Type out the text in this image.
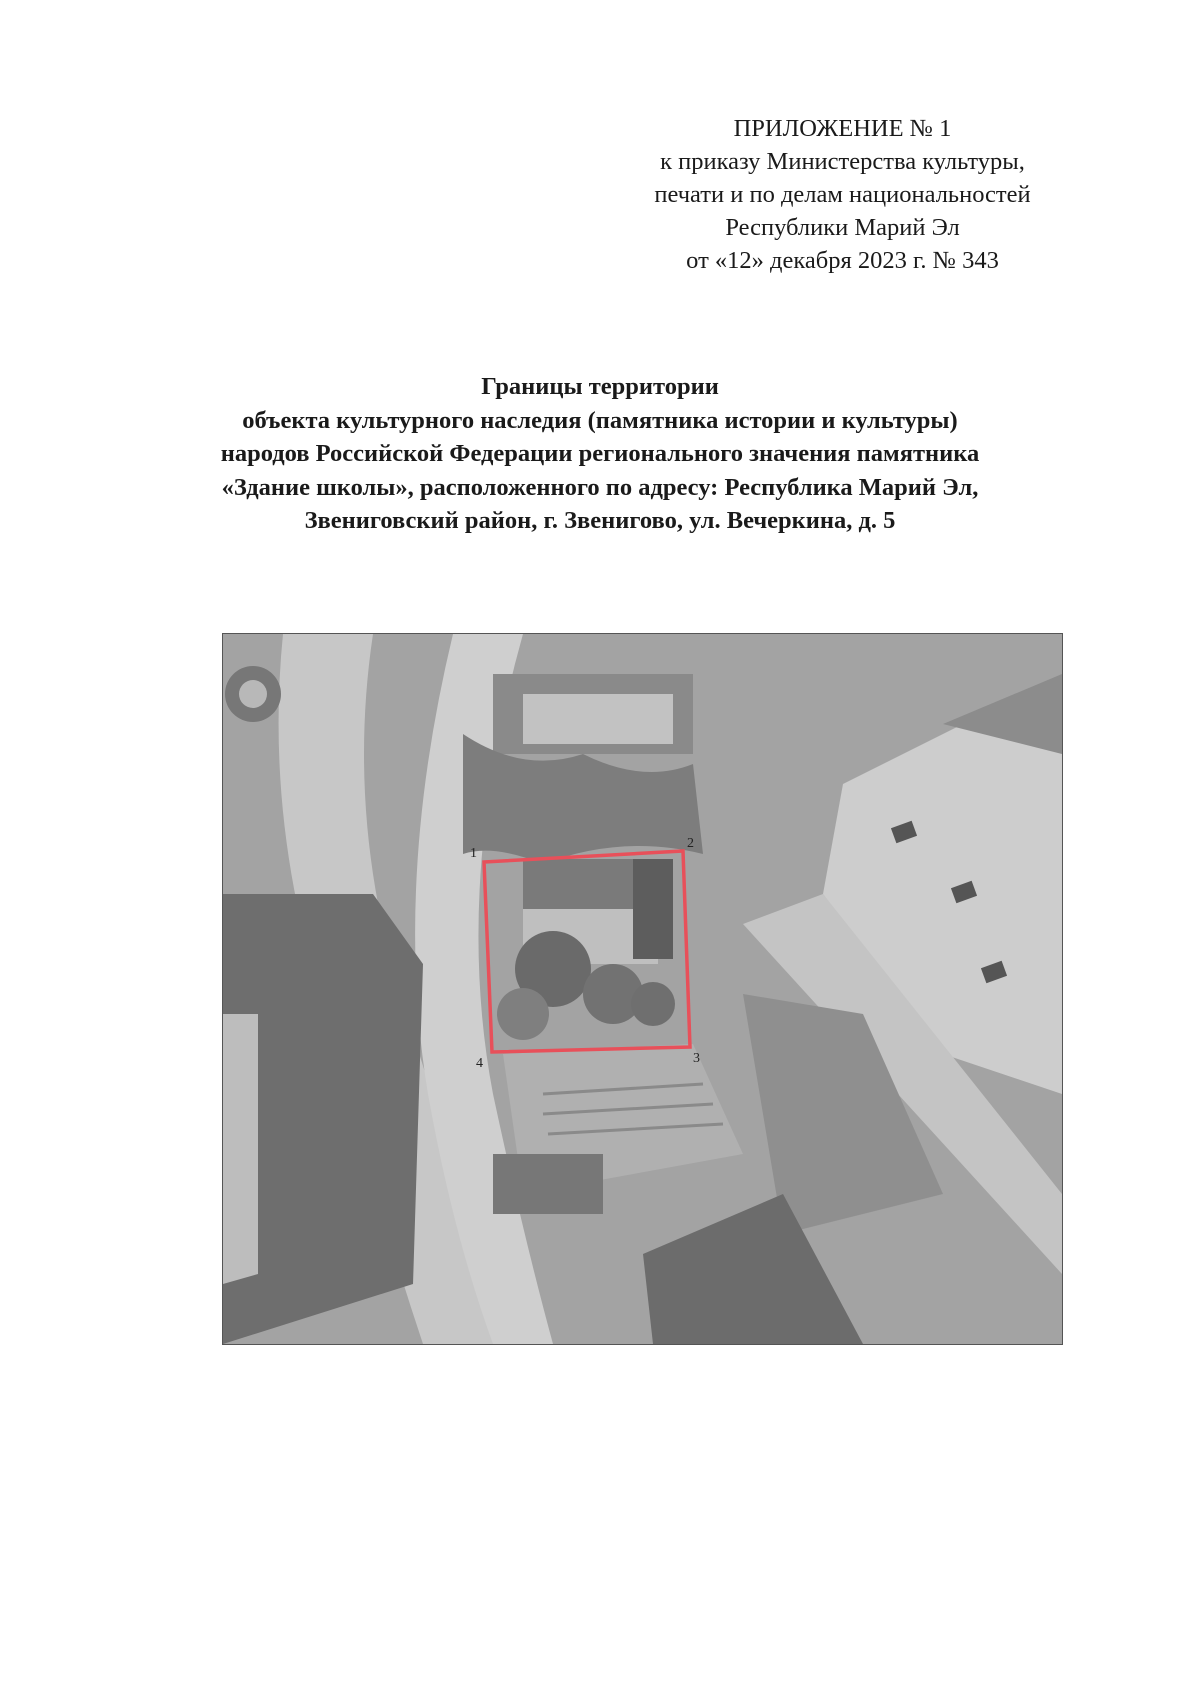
ПРИЛОЖЕНИЕ № 1
к приказу Министерства культуры,
печати и по делам национальностей
Республики Марий Эл
от «12» декабря 2023 г. № 343
Границы территории
объекта культурного наследия (памятника истории и культуры)
народов Российской Федерации регионального значения памятника
«Здание школы», расположенного по адресу: Республика Марий Эл,
Звениговский район, г. Звенигово, ул. Вечеркина, д. 5
1
2
3
4
